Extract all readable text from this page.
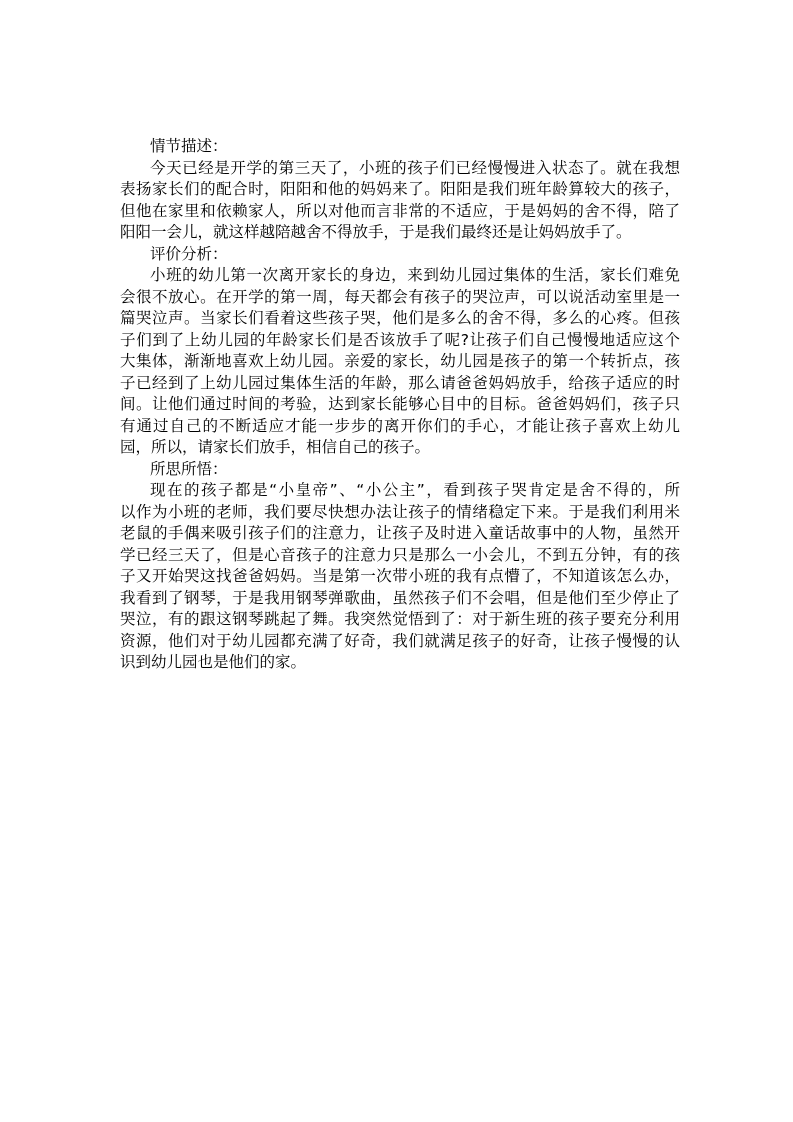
情节描述：
今天已经是开学的第三天了，小班的孩子们已经慢慢进入状态了。就在我想
表扬家长们的配合时，阳阳和他的妈妈来了。阳阳是我们班年龄算较大的孩子，
但他在家里和依赖家人，所以对他而言非常的不适应，于是妈妈的舍不得，陪了
阳阳一会儿，就这样越陪越舍不得放手，于是我们最终还是让妈妈放手了。
评价分析：
小班的幼儿第一次离开家长的身边，来到幼儿园过集体的生活，家长们难免
会很不放心。在开学的第一周，每天都会有孩子的哭泣声，可以说活动室里是一
篇哭泣声。当家长们看着这些孩子哭，他们是多么的舍不得，多么的心疼。但孩
子们到了上幼儿园的年龄家长们是否该放手了呢?让孩子们自己慢慢地适应这个
大集体，渐渐地喜欢上幼儿园。亲爱的家长，幼儿园是孩子的第一个转折点，孩
子已经到了上幼儿园过集体生活的年龄，那么请爸爸妈妈放手，给孩子适应的时
间。让他们通过时间的考验，达到家长能够心目中的目标。爸爸妈妈们，孩子只
有通过自己的不断适应才能一步步的离开你们的手心，才能让孩子喜欢上幼儿
园，所以，请家长们放手，相信自己的孩子。
所思所悟：
现在的孩子都是“小皇帝”、“小公主”，看到孩子哭肯定是舍不得的，所
以作为小班的老师，我们要尽快想办法让孩子的情绪稳定下来。于是我们利用米
老鼠的手偶来吸引孩子们的注意力，让孩子及时进入童话故事中的人物，虽然开
学已经三天了，但是心音孩子的注意力只是那么一小会儿，不到五分钟，有的孩
子又开始哭这找爸爸妈妈。当是第一次带小班的我有点懵了，不知道该怎么办，
我看到了钢琴，于是我用钢琴弹歌曲，虽然孩子们不会唱，但是他们至少停止了
哭泣，有的跟这钢琴跳起了舞。我突然觉悟到了：对于新生班的孩子要充分利用
资源，他们对于幼儿园都充满了好奇，我们就满足孩子的好奇，让孩子慢慢的认
识到幼儿园也是他们的家。
